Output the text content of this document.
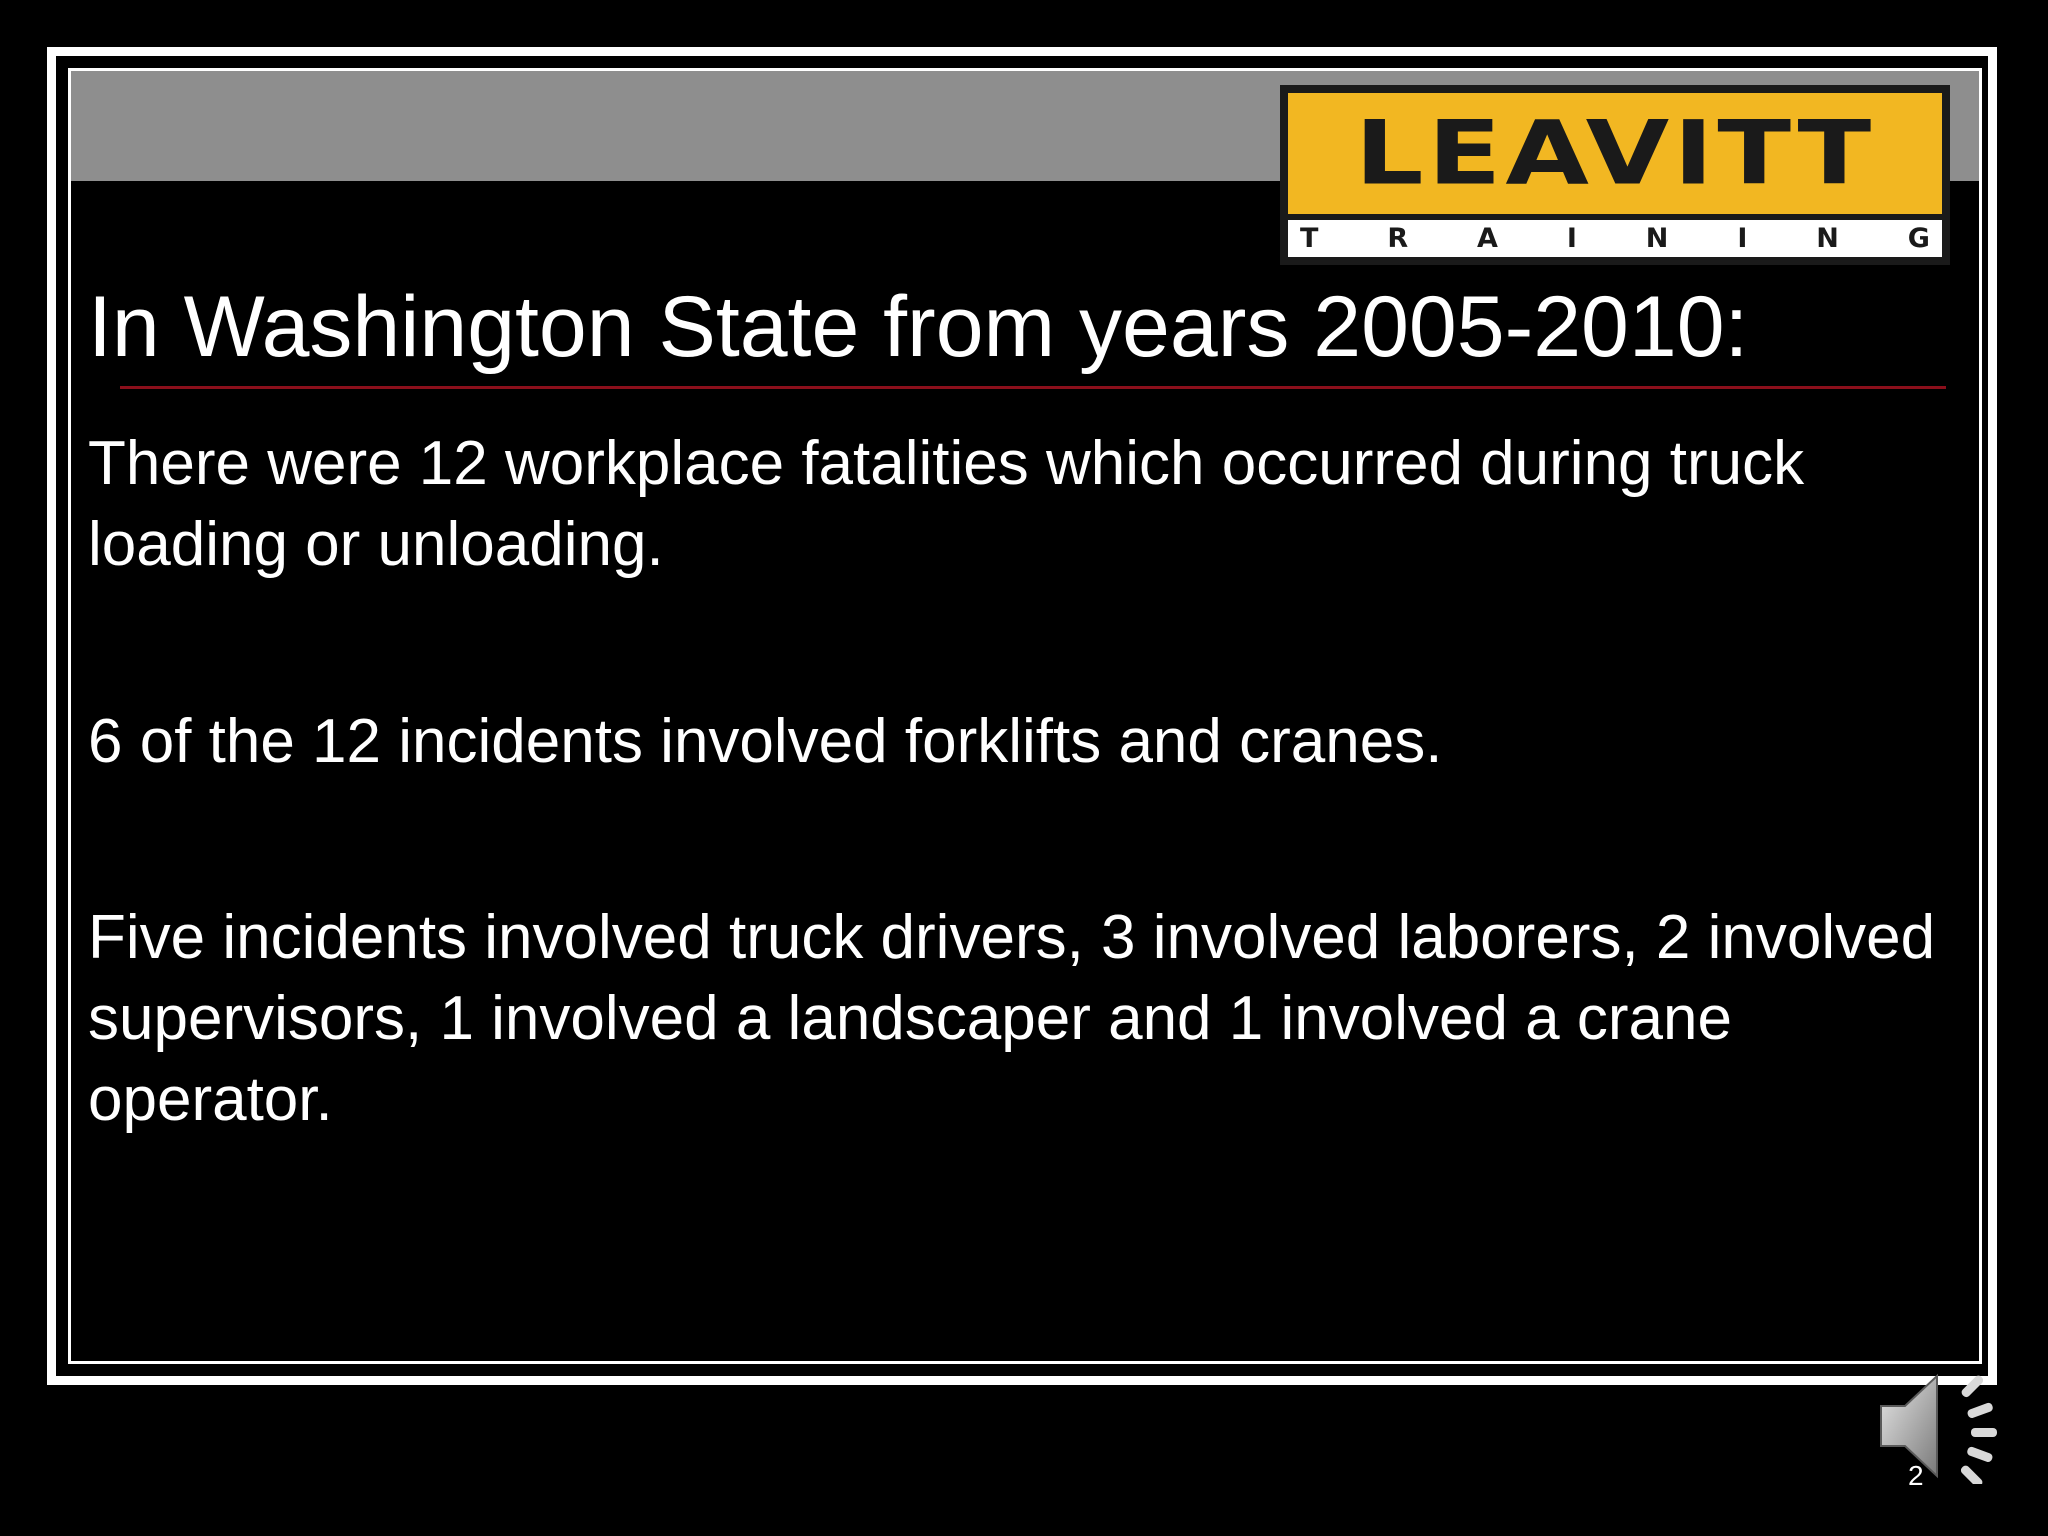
LEAVITT
T	R	A	I	N	I	N	G
In Washington State from years 2005-2010:

There were 12 workplace fatalities which occurred during truck loading or unloading.

6 of the 12 incidents involved forklifts and cranes.

Five incidents involved truck drivers, 3 involved laborers, 2 involved supervisors, 1 involved a landscaper and 1 involved a crane operator.

2
